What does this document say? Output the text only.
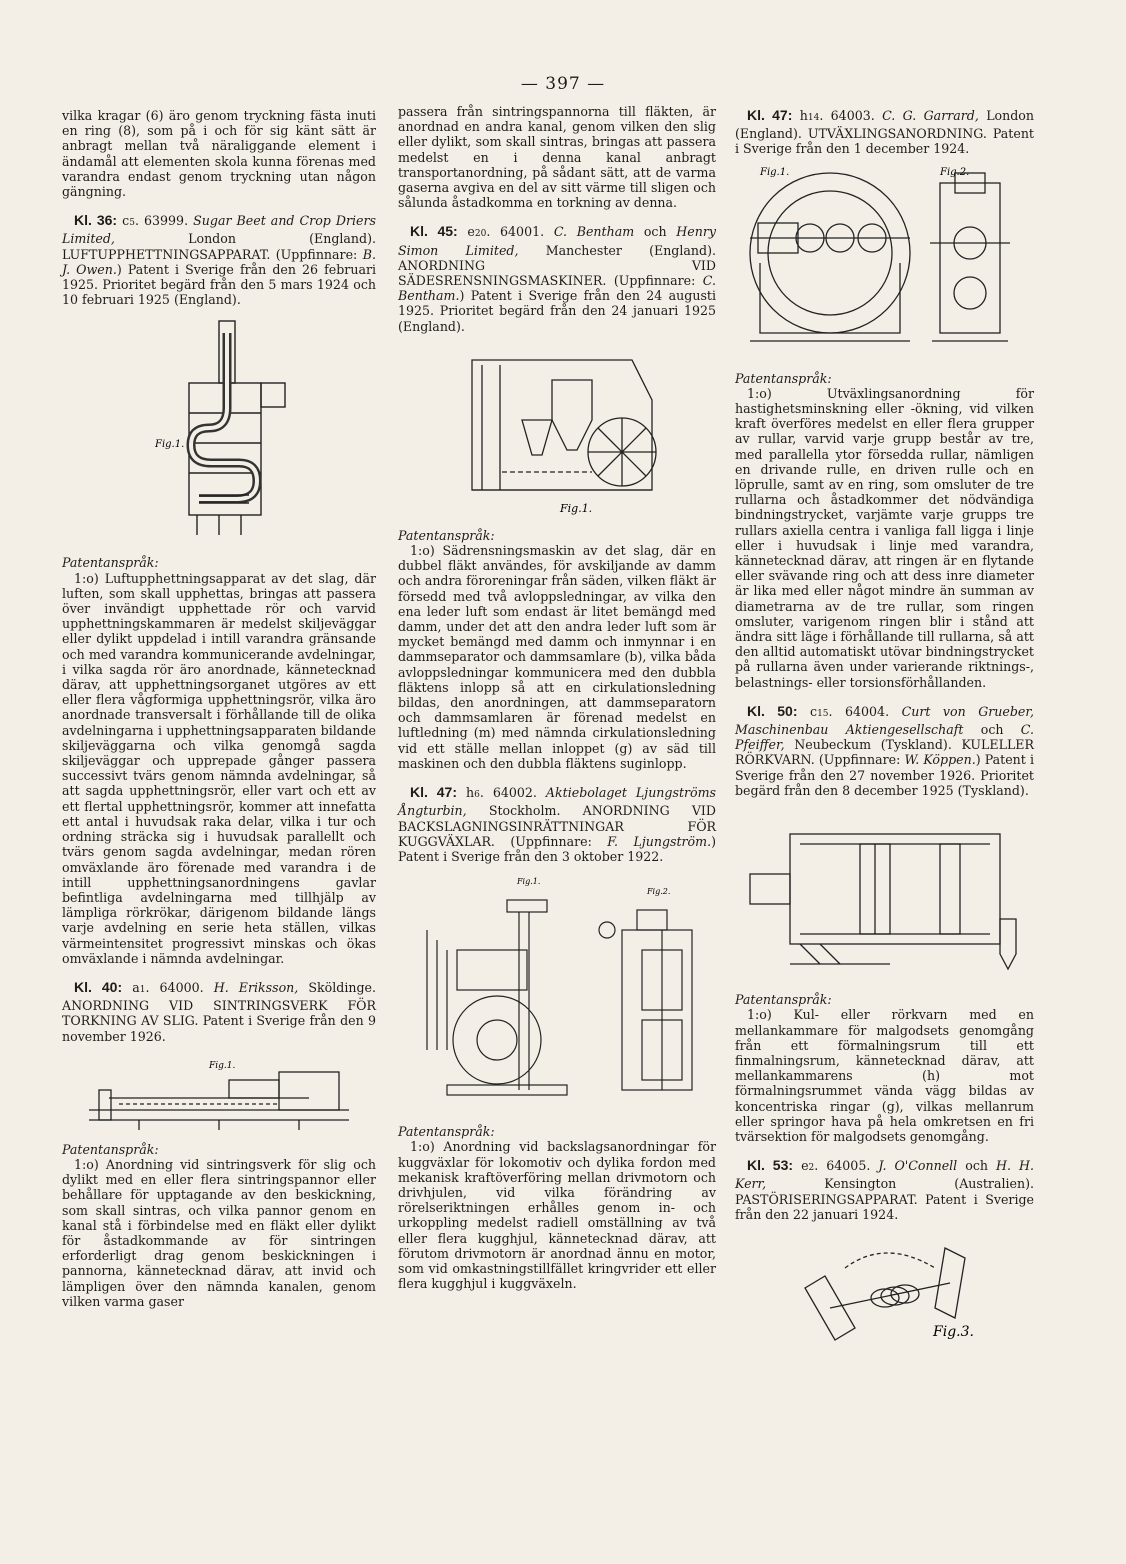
— 397 —

vilka kragar (6) äro genom tryckning fästa inuti en ring (8), som på i och för sig känt sätt är anbragt mellan två näraliggande element i ändamål att elementen skola kunna förenas med varandra endast genom tryckning utan någon gängning.

Kl. 36: c5. 63999. Sugar Beet and Crop Driers Limited,	London (England). LUFTUPPHETTNINGSAPPARAT. (Uppfinnare: B. J. Owen.) Patent i Sverige från den 26 februari 1925. Prioritet begärd från den 5 mars 1924 och 10 februari 1925 (England).

Fig.1.

Patentanspråk:

1:o) Luftupphettningsapparat av det slag, där luften, som skall upphettas, bringas att passera över invändigt upphettade rör och varvid upphettningskammaren är medelst skiljeväggar eller dylikt uppdelad i intill varandra gränsande och med varandra kommunicerande avdelningar, i vilka sagda rör äro anordnade, kännetecknad därav, att upphettningsorganet utgöres av ett eller flera vågformiga upphettningsrör, vilka äro anordnade transversalt i förhållande till de olika avdelningarna i upphettningsapparaten bildande skiljeväggarna och vilka genomgå sagda skiljeväggar och upprepade gånger passera successivt tvärs genom nämnda avdelningar, så att sagda upphettningsrör, eller vart och ett av ett flertal upphettningsrör, kommer att innefatta ett antal i huvudsak raka delar, vilka i tur och ordning sträcka sig i huvudsak parallellt och tvärs genom sagda avdelningar, medan rören omväxlande äro förenade med varandra i de intill upphettningsanordningens gavlar befintliga avdelningarna med tillhjälp av lämpliga rörkrökar, därigenom bildande längs varje avdelning en serie heta ställen, vilkas värmeintensitet progressivt minskas och ökas omväxlande i nämnda avdelningar.

Kl. 40: a1. 64000. H. Eriksson, Sköldinge. ANORDNING VID SINTRINGSVERK FÖR TORKNING AV SLIG. Patent i Sverige från den 9 november 1926.

Fig.1.

Patentanspråk:

1:o) Anordning vid sintringsverk för slig och dylikt med en eller flera sintringspannor eller behållare för upptagande av den beskickning, som skall sintras, och vilka pannor genom en kanal stå i förbindelse med en fläkt eller dylikt för åstadkommande av för sintringen erforderligt drag genom beskickningen i pannorna, kännetecknad därav, att invid och lämpligen över den nämnda kanalen, genom vilken varma gaser

passera från sintringspannorna till fläkten, är anordnad en andra kanal, genom vilken den slig eller dylikt, som skall sintras, bringas att passera medelst en i denna kanal anbragt transportanordning, på sådant sätt, att de varma gaserna avgiva en del av sitt värme till sligen och sålunda åstadkomma en torkning av denna.

Kl. 45: e20. 64001. C. Bentham och Henry Simon Limited, Manchester (England). ANORDNING VID SÄDESRENSNINGSMASKINER. (Uppfinnare: C. Bentham.) Patent i Sverige från den 24 augusti 1925. Prioritet begärd från den 24 januari 1925 (England).

Fig.1.

Patentanspråk:

1:o) Sädrensningsmaskin av det slag, där en dubbel fläkt användes, för avskiljande av damm och andra föroreningar från säden, vilken fläkt är försedd med två avloppsledningar, av vilka den ena leder luft som endast är litet bemängd med damm, under det att den andra leder luft som är mycket bemängd med damm och inmynnar i en dammseparator och dammsamlare (b), vilka båda avloppsledningar kommunicera med den dubbla fläktens inlopp så att en cirkulationsledning bildas, den anordningen, att dammseparatorn och dammsamlaren är förenad medelst en luftledning (m) med nämnda cirkulationsledning vid ett ställe mellan inloppet (g) av säd till maskinen och den dubbla fläktens suginlopp.

Kl. 47: h6. 64002. Aktiebolaget Ljungströms Ångturbin, Stockholm. ANORDNING VID BACKSLAGNINGSINRÄTTNINGAR FÖR KUGGVÄXLAR. (Uppfinnare: F. Ljungström.) Patent i Sverige från den 3 oktober 1922.

Fig.1.
Fig.2.

Patentanspråk:

1:o) Anordning vid backslagsanordningar för kuggväxlar för lokomotiv och dylika fordon med mekanisk kraftöverföring mellan drivmotorn och drivhjulen, vid vilka förändring av rörelseriktningen erhålles genom in- och urkoppling medelst radiell omställning av två eller flera kugghjul, kännetecknad därav, att förutom drivmotorn är anordnad ännu en motor, som vid omkastningstillfället kringvrider ett eller flera kugghjul i kuggväxeln.

Kl. 47: h14. 64003. C. G. Garrard, London (England). UTVÄXLINGSANORDNING. Patent i Sverige från den 1 december 1924.

Fig.1.	Fig.2.

Patentanspråk:

1:o) Utväxlingsanordning för hastighetsminskning eller -ökning, vid vilken kraft överföres medelst en eller flera grupper av rullar, varvid varje grupp består av tre, med parallella ytor försedda rullar, nämligen en drivande rulle, en driven rulle och en löprulle, samt av en ring, som omsluter de tre rullarna och åstadkommer det nödvändiga bindningstrycket, varjämte varje grupps tre rullars axiella centra i vanliga fall ligga i linje eller i huvudsak i linje med varandra, kännetecknad därav, att ringen är en flytande eller svävande ring och att dess inre diameter är lika med eller något mindre än summan av diametrarna av de tre rullar, som ringen omsluter, varigenom ringen blir i stånd att ändra sitt läge i förhållande till rullarna, så att den alltid automatiskt utövar bindningstrycket på rullarna även under varierande riktnings-, belastnings- eller torsionsförhållanden.

Kl. 50: c15. 64004. Curt von Grueber, Maschinenbau Aktiengesellschaft och C. Pfeiffer, Neubeckum (Tyskland). KULELLER RÖRKVARN. (Uppfinnare: W. Köppen.) Patent i Sverige från den 27 november 1926. Prioritet begärd från den 8 december 1925 (Tyskland).

Patentanspråk:

1:o) Kul- eller rörkvarn med en mellankammare för malgodsets genomgång från ett förmalningsrum till ett finmalningsrum, kännetecknad därav, att mellankammarens (h) mot förmalningsrummet vända vägg bildas av koncentriska ringar (g), vilkas mellanrum eller springor hava på hela omkretsen en fri tvärsektion för malgodsets genomgång.

Kl. 53: e2. 64005. J. O'Connell och H. H. Kerr,	Kensington (Australien). PASTÖRISERINGSAPPARAT. Patent i Sverige från den 22 januari 1924.

Fig.3.
